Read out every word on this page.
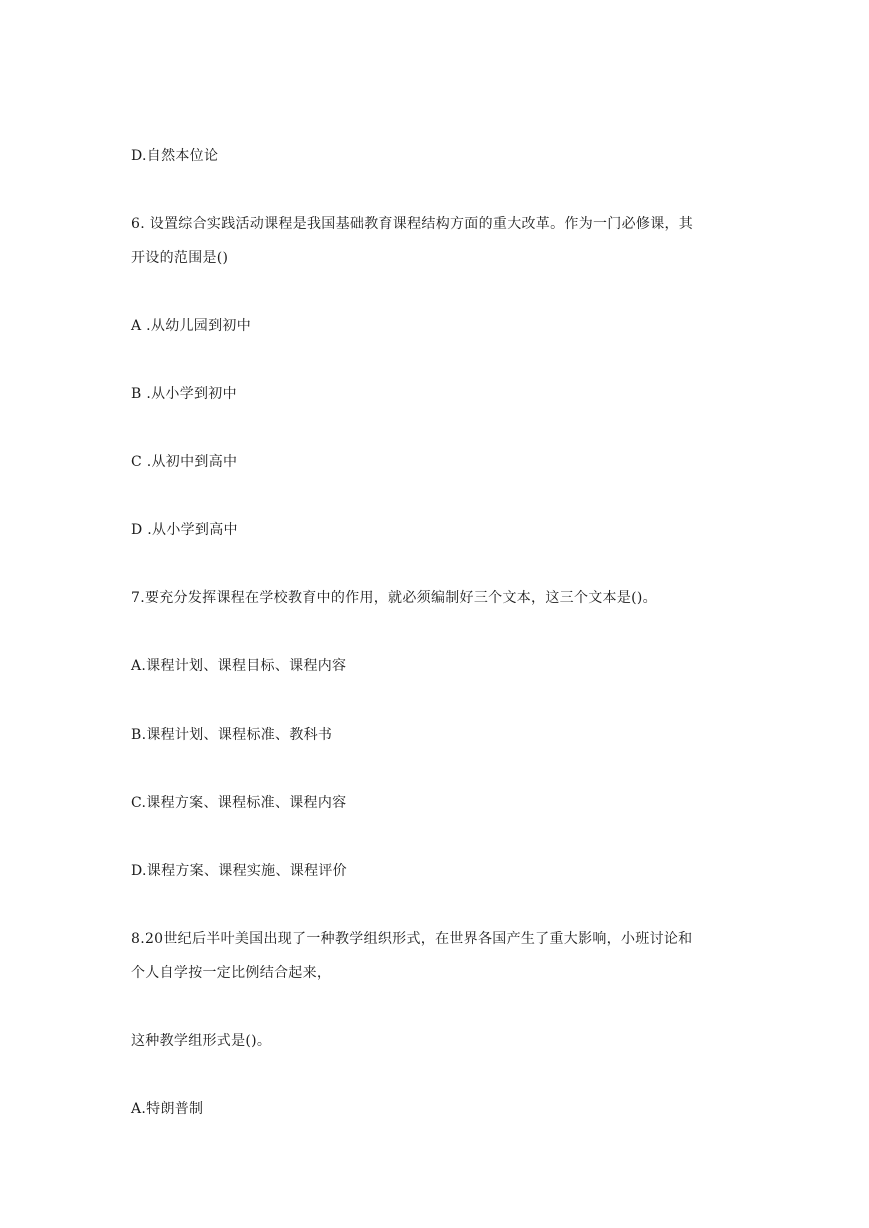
D.自然本位论
6. 设置综合实践活动课程是我国基础教育课程结构方面的重大改革。作为一门必修课，其
开设的范围是()
A .从幼儿园到初中
B .从小学到初中
C .从初中到高中
D .从小学到高中
7.要充分发挥课程在学校教育中的作用，就必须编制好三个文本，这三个文本是()。
A.课程计划、课程目标、课程内容
B.课程计划、课程标准、教科书
C.课程方案、课程标准、课程内容
D.课程方案、课程实施、课程评价
8.20世纪后半叶美国出现了一种教学组织形式，在世界各国产生了重大影响，小班讨论和
个人自学按一定比例结合起来，
这种教学组形式是()。
A.特朗普制
